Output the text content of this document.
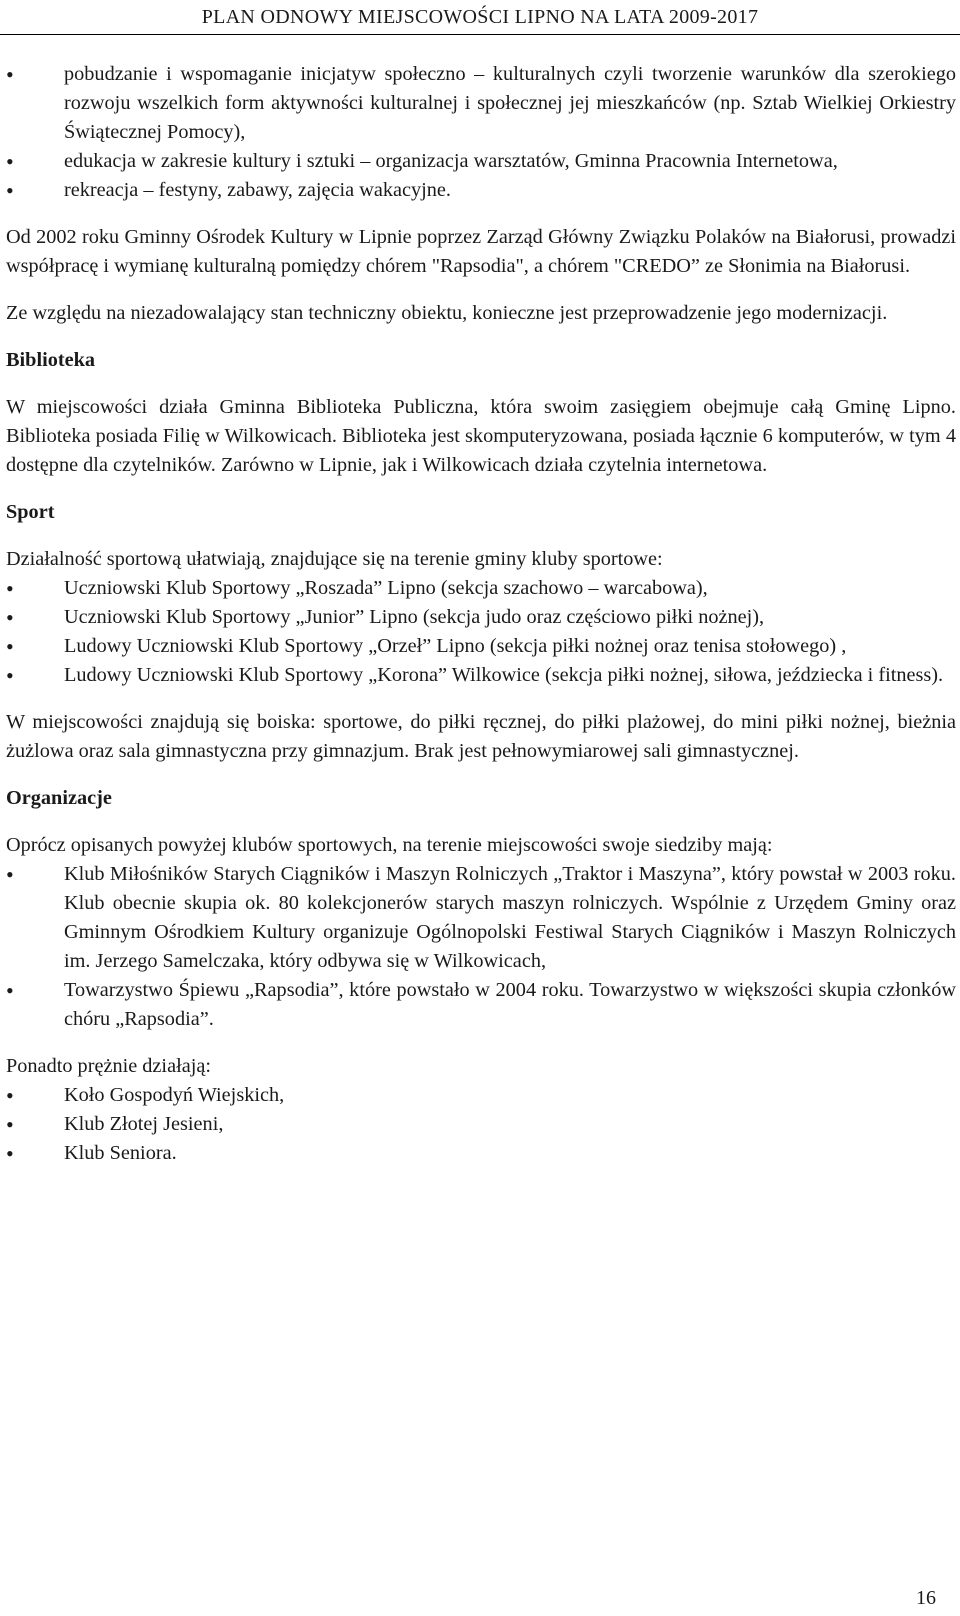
PLAN ODNOWY MIEJSCOWOŚCI LIPNO NA LATA 2009-2017
• pobudzanie i wspomaganie inicjatyw społeczno – kulturalnych czyli tworzenie warunków dla szerokiego rozwoju wszelkich form aktywności kulturalnej i społecznej jej mieszkańców (np. Sztab Wielkiej Orkiestry Świątecznej Pomocy),
• edukacja w zakresie kultury i sztuki – organizacja warsztatów, Gminna Pracownia Internetowa,
• rekreacja – festyny, zabawy, zajęcia wakacyjne.

Od 2002 roku Gminny Ośrodek Kultury w Lipnie poprzez Zarząd Główny Związku Polaków na Białorusi, prowadzi współpracę i wymianę kulturalną pomiędzy chórem "Rapsodia", a chórem "CREDO” ze Słonimia na Białorusi.

Ze względu na niezadowalający stan techniczny obiektu, konieczne jest przeprowadzenie jego modernizacji.

Biblioteka

W miejscowości działa Gminna Biblioteka Publiczna, która swoim zasięgiem obejmuje całą Gminę Lipno. Biblioteka posiada Filię w Wilkowicach. Biblioteka jest skomputeryzowana, posiada łącznie 6 komputerów, w tym 4 dostępne dla czytelników. Zarówno w Lipnie, jak i Wilkowicach działa czytelnia internetowa.

Sport

Działalność sportową ułatwiają, znajdujące się na terenie gminy kluby sportowe:

• Uczniowski Klub Sportowy „Roszada” Lipno (sekcja szachowo – warcabowa),
• Uczniowski Klub Sportowy „Junior” Lipno (sekcja judo oraz częściowo piłki nożnej),
• Ludowy Uczniowski Klub Sportowy „Orzeł” Lipno (sekcja piłki nożnej oraz tenisa stołowego) ,
• Ludowy Uczniowski Klub Sportowy „Korona” Wilkowice (sekcja piłki nożnej, siłowa, jeździecka i fitness).

W miejscowości znajdują się boiska: sportowe, do piłki ręcznej, do piłki plażowej, do mini piłki nożnej, bieżnia żużlowa oraz sala gimnastyczna przy gimnazjum. Brak jest pełnowymiarowej sali gimnastycznej.

Organizacje

Oprócz opisanych powyżej klubów sportowych, na terenie miejscowości swoje siedziby mają:

• Klub Miłośników Starych Ciągników i Maszyn Rolniczych „Traktor i Maszyna”, który powstał w 2003 roku. Klub obecnie skupia ok. 80 kolekcjonerów starych maszyn rolniczych. Wspólnie z Urzędem Gminy oraz Gminnym Ośrodkiem Kultury organizuje Ogólnopolski Festiwal Starych Ciągników i Maszyn Rolniczych im. Jerzego Samelczaka, który odbywa się w Wilkowicach,
• Towarzystwo Śpiewu „Rapsodia”, które powstało w 2004 roku. Towarzystwo w większości skupia członków chóru „Rapsodia”.

Ponadto prężnie działają:

• Koło Gospodyń Wiejskich,
• Klub Złotej Jesieni,
• Klub Seniora.
16
